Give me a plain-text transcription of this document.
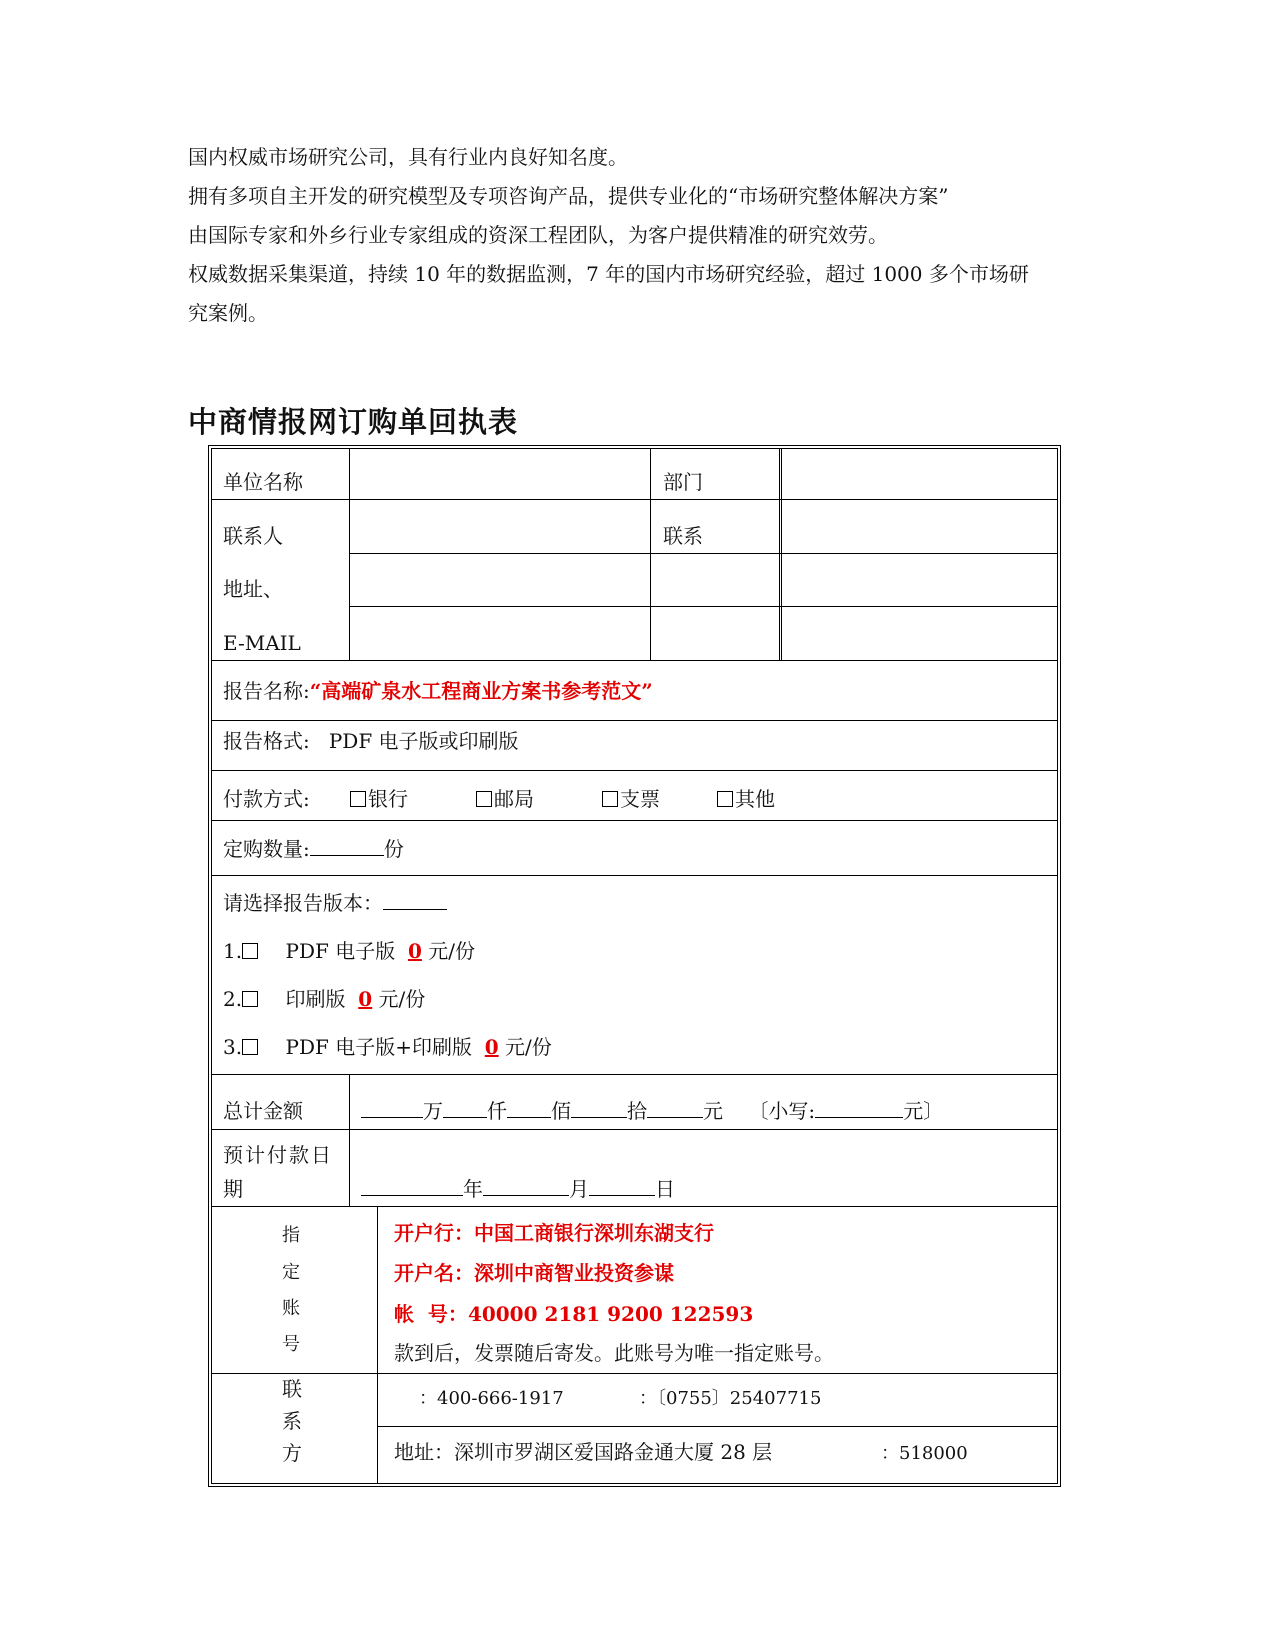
国内权威市场研究公司，具有行业内良好知名度。

拥有多项自主开发的研究模型及专项咨询产品，提供专业化的“市场研究整体解决方案”

由国际专家和外乡行业专家组成的资深工程团队，为客户提供精准的研究效劳。

权威数据采集渠道，持续 10 年的数据监测，7 年的国内市场研究经验，超过 1000 多个市场研

究案例。

中商情报网订购单回执表
单位名称	部门
联系人	联系
地址、
E-MAIL
报告名称:“高端矿泉水工程商业方案书参考范文”
报告格式: PDF 电子版或印刷版
付款方式:	银行	邮局	支票	其他
定购数量:	份
请选择报告版本：
1. PDF 电子版 0 元/份
2. 印刷版 0 元/份
3. PDF 电子版+印刷版 0 元/份
总计金额	万 仟 佰	拾	元 〔小写:	元〕
预计付款日
期	年	月	日
指
定
账
号
开户行：中国工商银行深圳东湖支行
开户名：深圳中商智业投资参谋
帐  号：40000 2181 9200 122593
款到后，发票随后寄发。此账号为唯一指定账号。
联
系
方
：400-666-1917	：〔0755〕25407715
地址：深圳市罗湖区爱国路金通大厦 28 层	：518000
